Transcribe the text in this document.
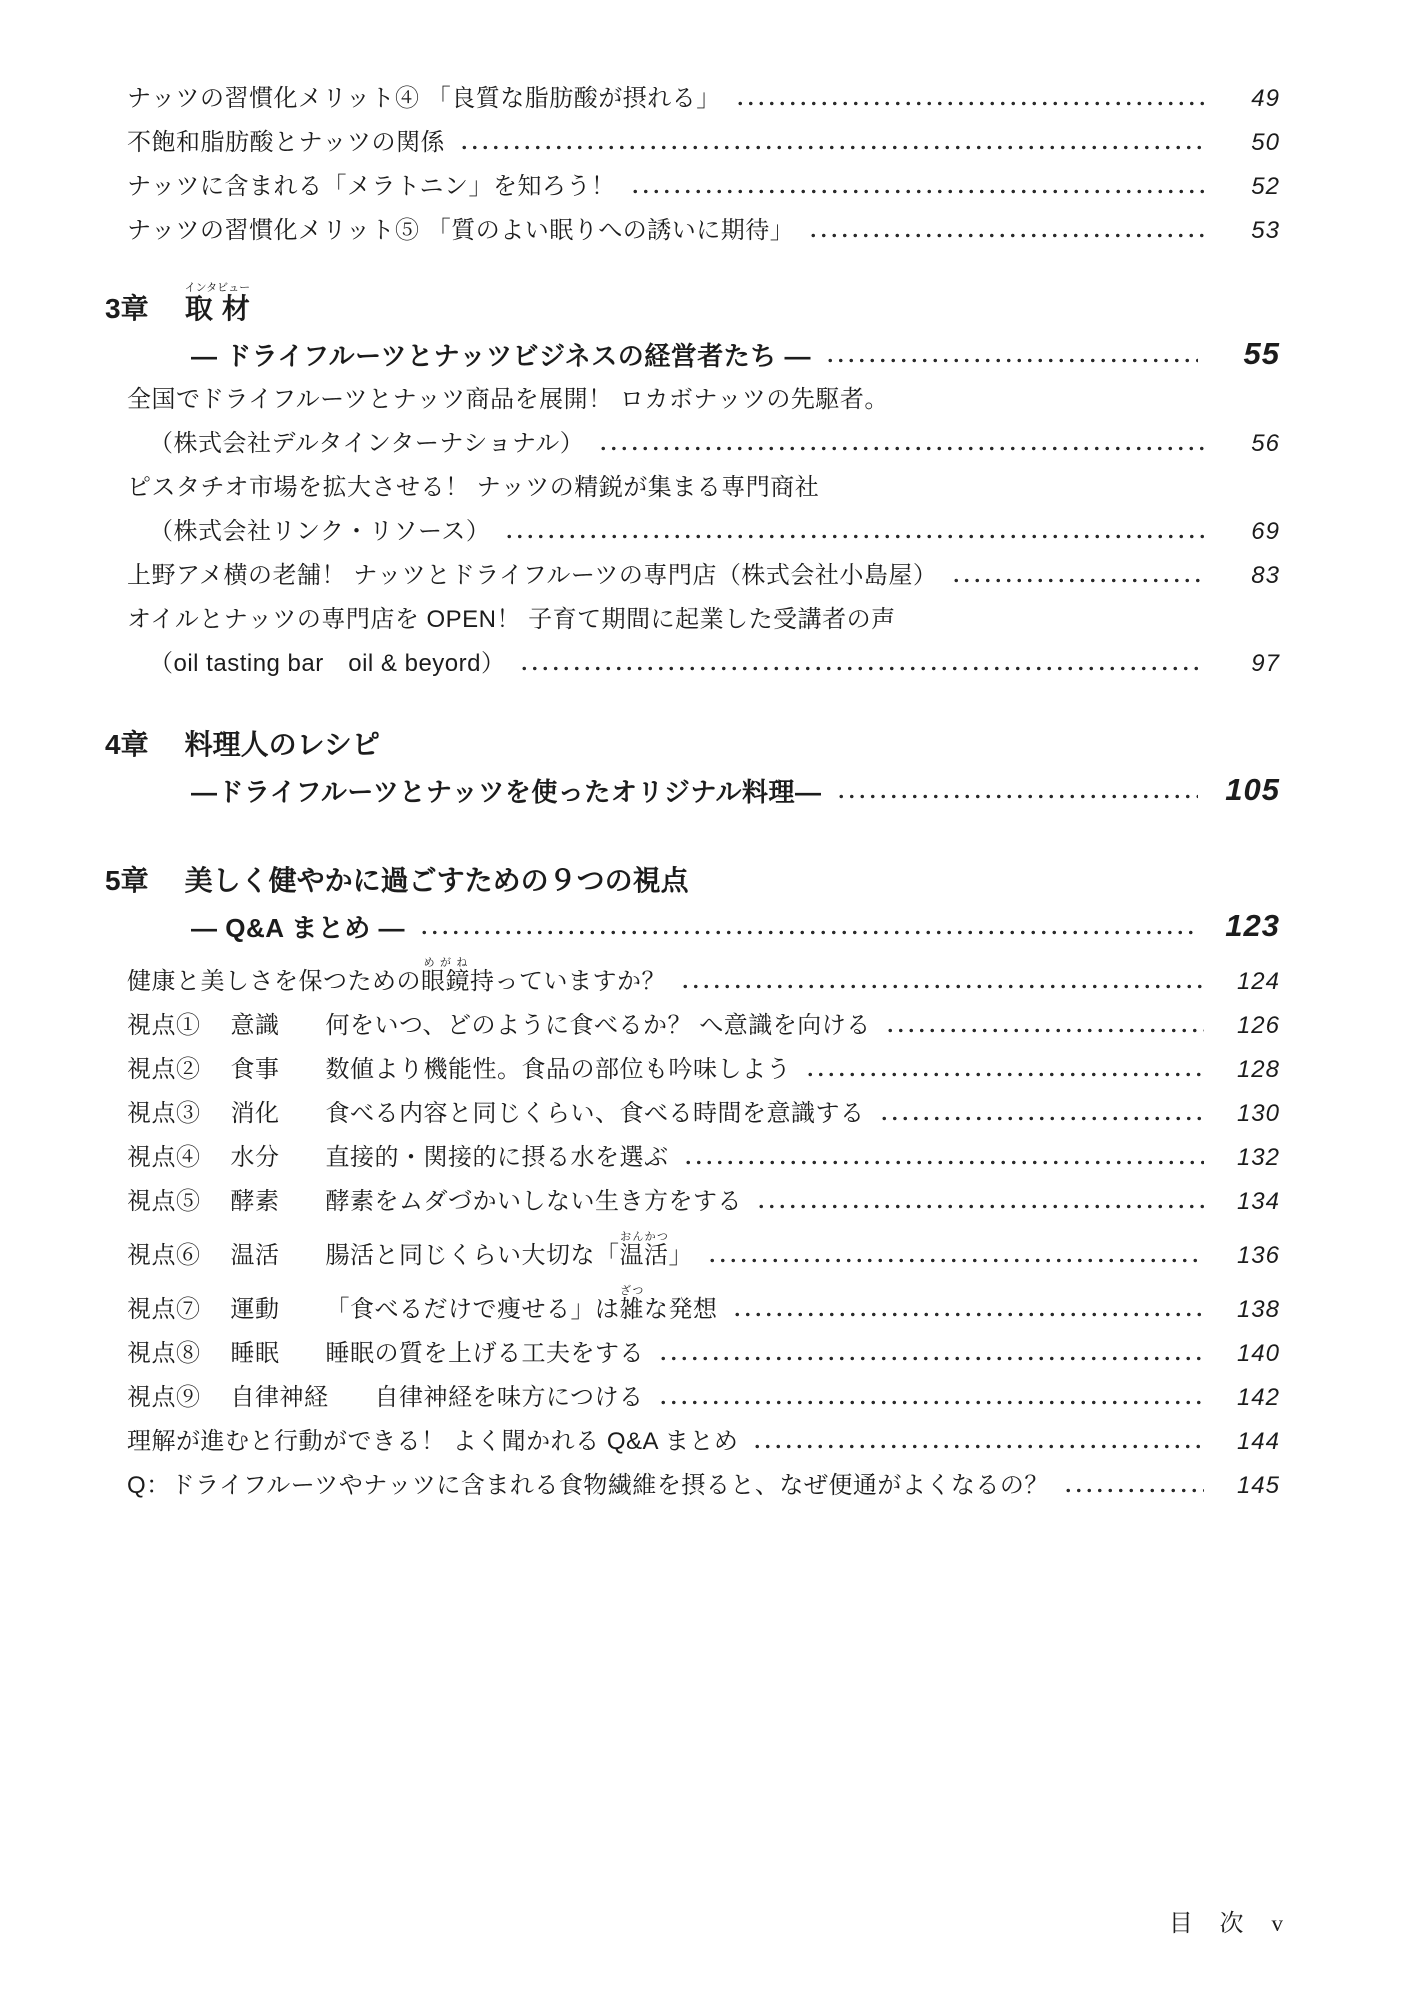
ナッツの習慣化メリット④ 「良質な脂肪酸が摂れる」	49
不飽和脂肪酸とナッツの関係	50
ナッツに含まれる「メラトニン」を知ろう！	52
ナッツの習慣化メリット⑤ 「質のよい眠りへの誘いに期待」	53
3章 取 材インタビュー
― ドライフルーツとナッツビジネスの経営者たち ―	55
全国でドライフルーツとナッツ商品を展開！ ロカボナッツの先駆者。
（株式会社デルタインターナショナル）	56
ピスタチオ市場を拡大させる！ ナッツの精鋭が集まる専門商社
（株式会社リンク・リソース）	69
上野アメ横の老舗！ ナッツとドライフルーツの専門店（株式会社小島屋）	83
オイルとナッツの専門店を OPEN！ 子育て期間に起業した受講者の声
（oil tasting bar　oil & beyord）	97
4章 料理人のレシピ
―ドライフルーツとナッツを使ったオリジナル料理―	105
5章 美しく健やかに過ごすための９つの視点
― Q&A まとめ ―	123
健康と美しさを保つための眼鏡めがね持っていますか？	124
視点① 意識 何をいつ、どのように食べるか？ へ意識を向ける	126
視点② 食事 数値より機能性。食品の部位も吟味しよう	128
視点③ 消化 食べる内容と同じくらい、食べる時間を意識する	130
視点④ 水分 直接的・関接的に摂る水を選ぶ	132
視点⑤ 酵素 酵素をムダづかいしない生き方をする	134
視点⑥ 温活 腸活と同じくらい大切な「温活おんかつ」	136
視点⑦ 運動 「食べるだけで痩せる」は雑ざつな発想	138
視点⑧ 睡眠 睡眠の質を上げる工夫をする	140
視点⑨ 自律神経 自律神経を味方につける	142
理解が進むと行動ができる！ よく聞かれる Q&A まとめ	144
Q：ドライフルーツやナッツに含まれる食物繊維を摂ると、なぜ便通がよくなるの？	145
目 次 v
